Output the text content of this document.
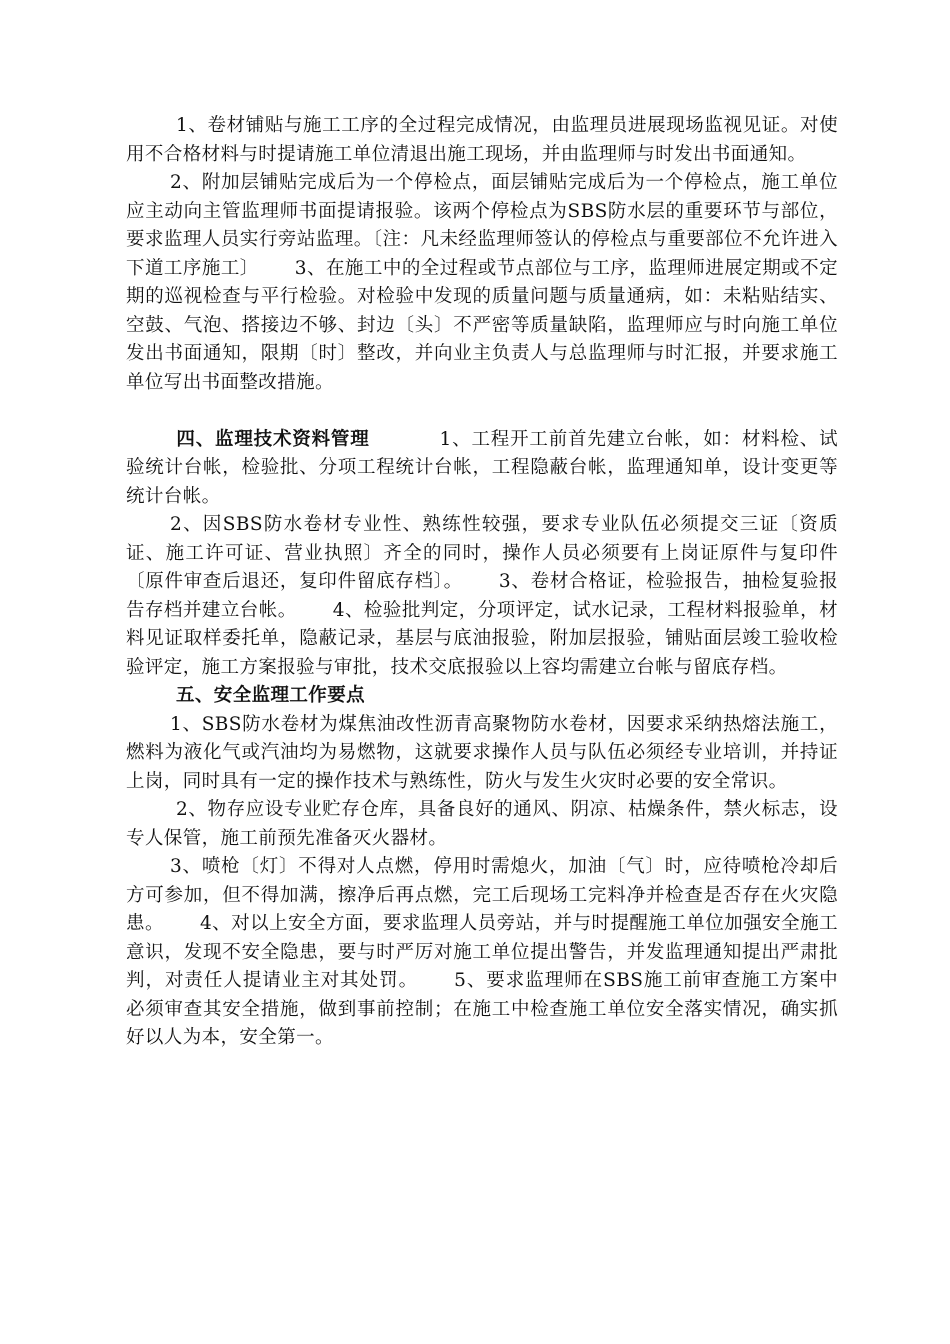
1、卷材铺贴与施工工序的全过程完成情况，由监理员进展现场监视见证。对使用不合格材料与时提请施工单位清退出施工现场，并由监理师与时发出书面通知。

2、附加层铺贴完成后为一个停检点，面层铺贴完成后为一个停检点，施工单位应主动向主管监理师书面提请报验。该两个停检点为SBS防水层的重要环节与部位，要求监理人员实行旁站监理。〔注：凡未经监理师签认的停检点与重要部位不允许进入下道工序施工〕 3、在施工中的全过程或节点部位与工序，监理师进展定期或不定期的巡视检查与平行检验。对检验中发现的质量问题与质量通病，如：未粘贴结实、空鼓、气泡、搭接边不够、封边〔头〕不严密等质量缺陷，监理师应与时向施工单位发出书面通知，限期〔时〕整改，并向业主负责人与总监理师与时汇报，并要求施工单位写出书面整改措施。

四、监理技术资料管理	1、工程开工前首先建立台帐，如：材料检、试验统计台帐，检验批、分项工程统计台帐，工程隐蔽台帐，监理通知单，设计变更等统计台帐。

2、因SBS防水卷材专业性、熟练性较强，要求专业队伍必须提交三证〔资质证、施工许可证、营业执照〕齐全的同时，操作人员必须要有上岗证原件与复印件〔原件审查后退还，复印件留底存档〕。 3、卷材合格证，检验报告，抽检复验报告存档并建立台帐。 4、检验批判定，分项评定，试水记录，工程材料报验单，材料见证取样委托单，隐蔽记录，基层与底油报验，附加层报验，铺贴面层竣工验收检验评定，施工方案报验与审批，技术交底报验以上容均需建立台帐与留底存档。

五、安全监理工作要点

1、SBS防水卷材为煤焦油改性沥青高聚物防水卷材，因要求采纳热熔法施工，燃料为液化气或汽油均为易燃物，这就要求操作人员与队伍必须经专业培训，并持证上岗，同时具有一定的操作技术与熟练性，防火与发生火灾时必要的安全常识。

2、物存应设专业贮存仓库，具备良好的通风、阴凉、枯燥条件，禁火标志，设专人保管，施工前预先准备灭火器材。

3、喷枪〔灯〕不得对人点燃，停用时需熄火，加油〔气〕时，应待喷枪冷却后方可参加，但不得加满，擦净后再点燃，完工后现场工完料净并检查是否存在火灾隐患。 4、对以上安全方面，要求监理人员旁站，并与时提醒施工单位加强安全施工意识，发现不安全隐患，要与时严厉对施工单位提出警告，并发监理通知提出严肃批判，对责任人提请业主对其处罚。 5、要求监理师在SBS施工前审查施工方案中必须审查其安全措施，做到事前控制；在施工中检查施工单位安全落实情况，确实抓好以人为本，安全第一。
